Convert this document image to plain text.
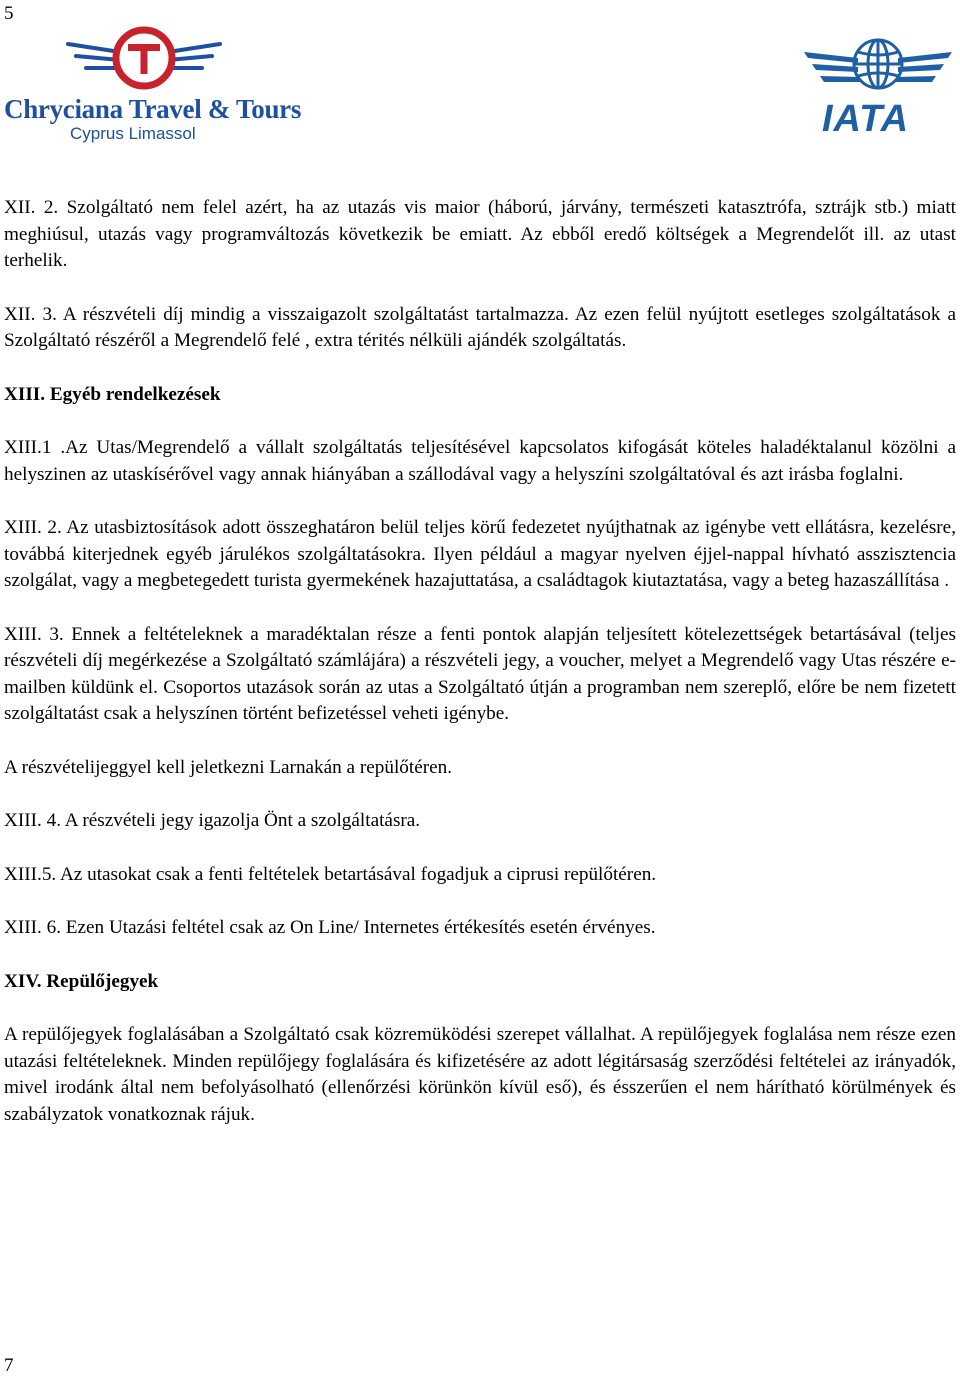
5
Chryciana Travel & Tours
Cyprus Limassol	IATA

XII. 2. Szolgáltató nem felel azért, ha az utazás vis maior (háború, járvány, természeti katasztrófa, sztrájk stb.) miatt meghiúsul, utazás vagy programváltozás következik be emiatt. Az ebből eredő költségek a Megrendelőt ill. az utast terhelik.

XII. 3. A részvételi díj mindig a visszaigazolt szolgáltatást tartalmazza. Az ezen felül nyújtott esetleges szolgáltatások a Szolgáltató részéről a Megrendelő felé , extra térités nélküli ajándék szolgáltatás.

XIII. Egyéb rendelkezések

XIII.1 .Az Utas/Megrendelő a vállalt szolgáltatás teljesítésével kapcsolatos kifogását köteles haladéktalanul közölni a helyszinen az utaskísérővel vagy annak hiányában a szállodával vagy a helyszíni szolgáltatóval és azt irásba foglalni.

XIII. 2. Az utasbiztosítások adott összeghatáron belül teljes körű fedezetet nyújthatnak az igénybe vett ellátásra, kezelésre, továbbá kiterjednek egyéb járulékos szolgáltatásokra. Ilyen például a magyar nyelven éjjel-nappal hívható asszisztencia szolgálat, vagy a megbetegedett turista gyermekének hazajuttatása, a családtagok kiutaztatása, vagy a beteg hazaszállítása .

XIII. 3. Ennek a feltételeknek a maradéktalan része a fenti pontok alapján teljesített kötelezettségek betartásával (teljes részvételi díj megérkezése a Szolgáltató számlájára) a részvételi jegy, a voucher, melyet a Megrendelő vagy Utas részére e-mailben küldünk el. Csoportos utazások során az utas a Szolgáltató útján a programban nem szereplő, előre be nem fizetett szolgáltatást csak a helyszínen történt befizetéssel veheti igénybe.

A részvételijeggyel kell jeletkezni Larnakán a repülőtéren.

XIII. 4. A részvételi jegy igazolja Önt a szolgáltatásra.

XIII.5. Az utasokat csak a fenti feltételek betartásával fogadjuk a ciprusi repülőtéren.

XIII. 6. Ezen Utazási feltétel csak az On Line/ Internetes értékesítés esetén érvényes.

XIV. Repülőjegyek

A repülőjegyek foglalásában a Szolgáltató csak közremüködési szerepet vállalhat. A repülőjegyek foglalása nem része ezen utazási feltételeknek. Minden repülőjegy foglalására és kifizetésére az adott légitársaság szerződési feltételei az irányadók, mivel irodánk által nem befolyásolható (ellenőrzési körünkön kívül eső), és ésszerűen el nem hárítható körülmények és szabályzatok vonatkoznak rájuk.

7
